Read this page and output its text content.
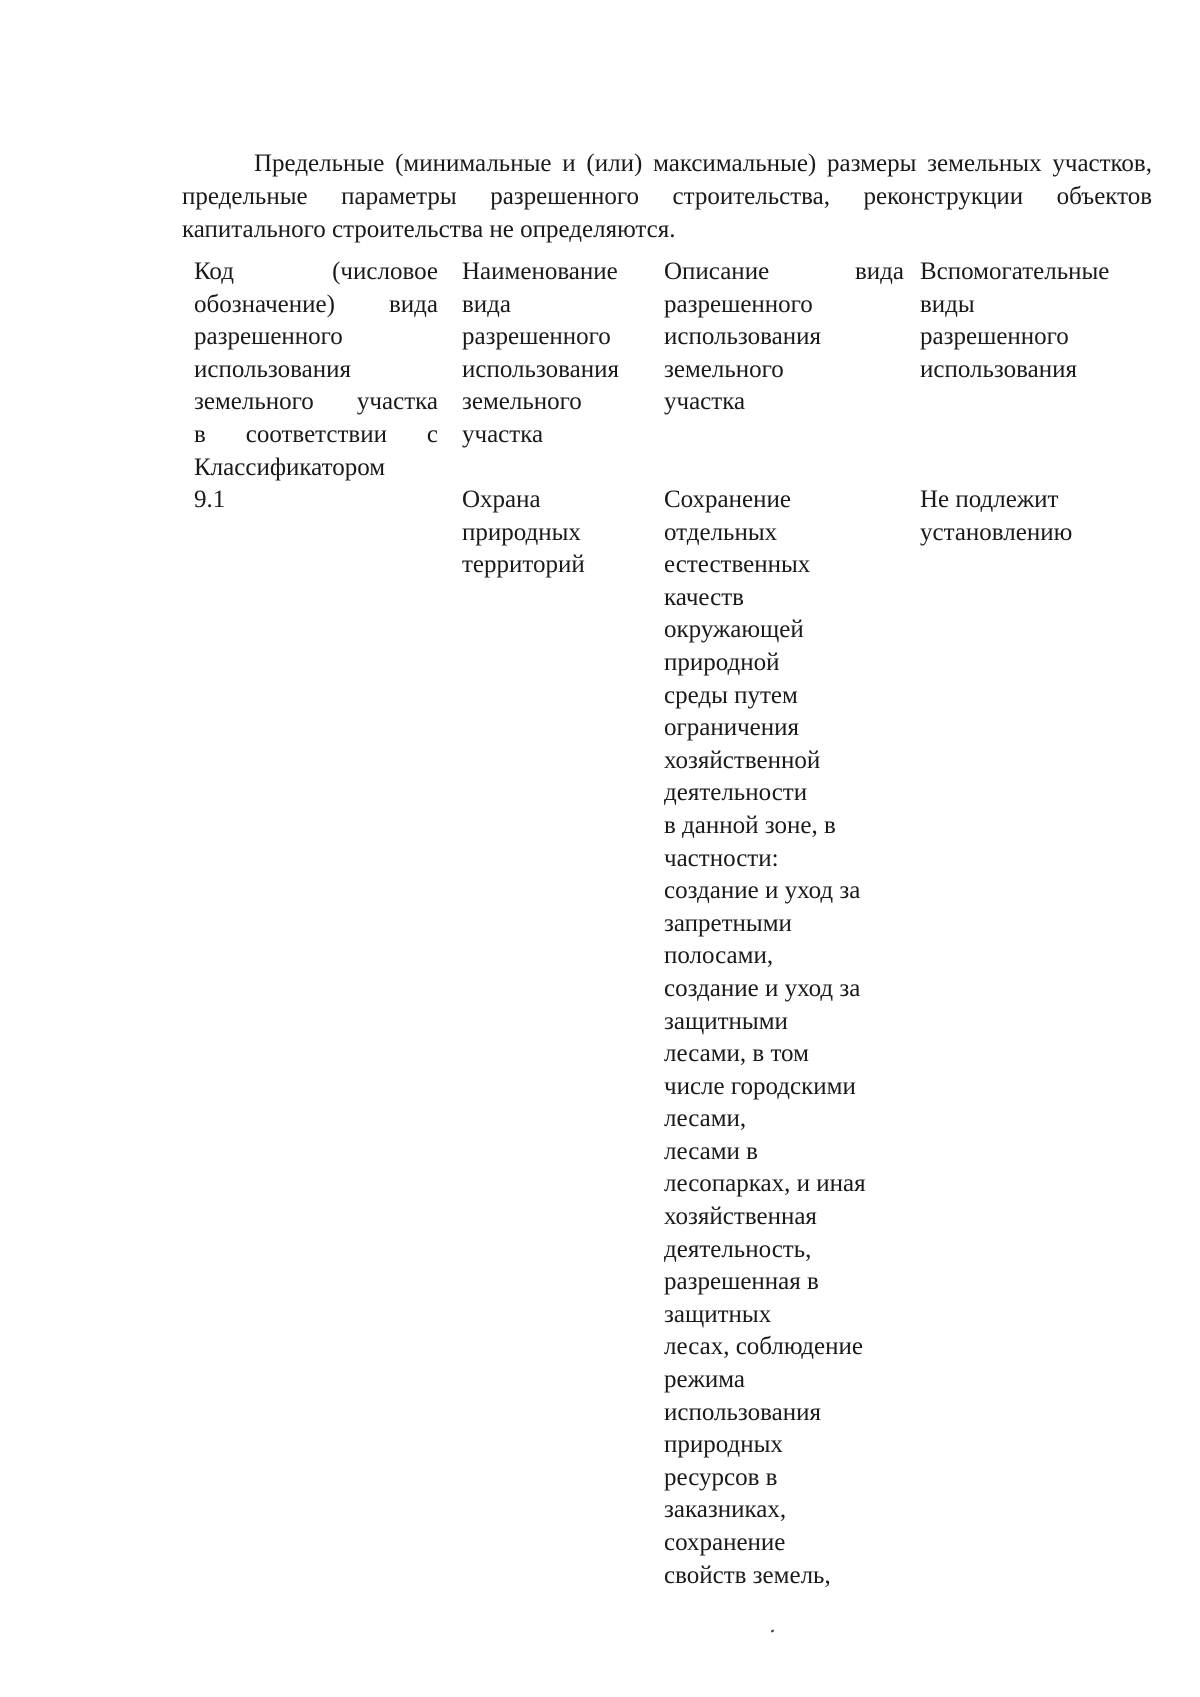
Предельные (минимальные и (или) максимальные) размеры земельных участков, предельные параметры разрешенного строительства, реконструкции объектов капитального строительства не определяются.

Код (числовое
обозначение) вида
разрешенного
использования
земельного участка
в соответствии с
Классификатором
Наименование
вида
разрешенного
использования
земельного
участка
Описание вида
разрешенного
использования
земельного
участка
Вспомогательные
виды
разрешенного
использования
9.1	Охрана
природных
территорий
Сохранение
отдельных
естественных
качеств
окружающей
природной
среды путем
ограничения
хозяйственной
деятельности
в данной зоне, в
частности:
создание и уход за
запретными
полосами,
создание и уход за
защитными
лесами, в том
числе городскими
лесами,
лесами в
лесопарках, и иная
хозяйственная
деятельность,
разрешенная в
защитных
лесах, соблюдение
режима
использования
природных
ресурсов в
заказниках,
сохранение
свойств земель,
Не подлежит
установлению
